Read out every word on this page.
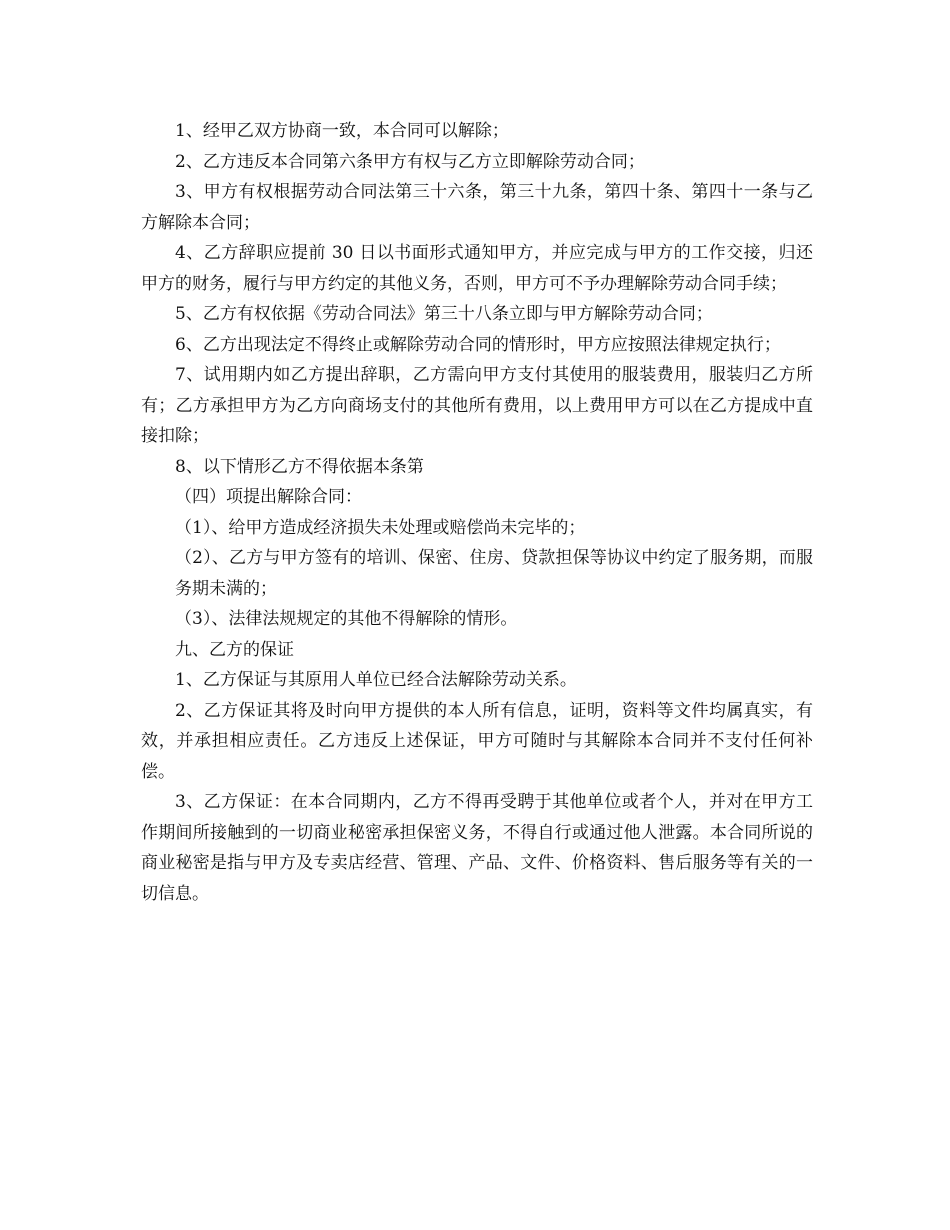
1、经甲乙双方协商一致，本合同可以解除；

2、乙方违反本合同第六条甲方有权与乙方立即解除劳动合同；

3、甲方有权根据劳动合同法第三十六条，第三十九条，第四十条、第四十一条与乙方解除本合同；

4、乙方辞职应提前 30 日以书面形式通知甲方，并应完成与甲方的工作交接，归还甲方的财务，履行与甲方约定的其他义务，否则，甲方可不予办理解除劳动合同手续；

5、乙方有权依据《劳动合同法》第三十八条立即与甲方解除劳动合同；

6、乙方出现法定不得终止或解除劳动合同的情形时，甲方应按照法律规定执行；

7、试用期内如乙方提出辞职，乙方需向甲方支付其使用的服装费用，服装归乙方所有；乙方承担甲方为乙方向商场支付的其他所有费用，以上费用甲方可以在乙方提成中直接扣除；

8、以下情形乙方不得依据本条第

（四）项提出解除合同：

（1）、给甲方造成经济损失未处理或赔偿尚未完毕的；

（2）、乙方与甲方签有的培训、保密、住房、贷款担保等协议中约定了服务期，而服务期未满的；

（3）、法律法规规定的其他不得解除的情形。

九、乙方的保证

1、乙方保证与其原用人单位已经合法解除劳动关系。

2、乙方保证其将及时向甲方提供的本人所有信息，证明，资料等文件均属真实，有效，并承担相应责任。乙方违反上述保证，甲方可随时与其解除本合同并不支付任何补偿。

3、乙方保证：在本合同期内，乙方不得再受聘于其他单位或者个人，并对在甲方工作期间所接触到的一切商业秘密承担保密义务，不得自行或通过他人泄露。本合同所说的商业秘密是指与甲方及专卖店经营、管理、产品、文件、价格资料、售后服务等有关的一切信息。
